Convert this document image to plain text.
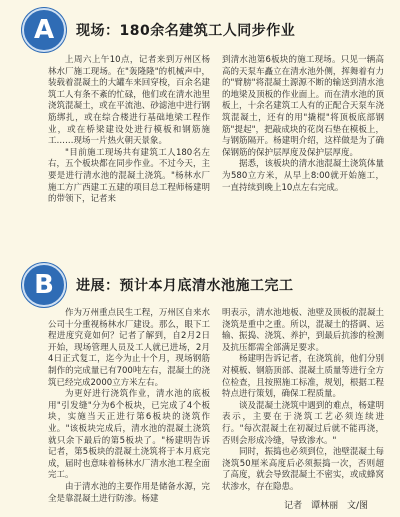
A	现场：180余名建筑工人同步作业

上周六上午10点，记者来到万州区杨林水厂施工现场。在"轰隆隆"的机械声中，装载着混凝土的大罐车来回穿梭，百余名建筑工人有条不紊的忙碌，他们或在清水池里浇筑混凝土，或在平流池、砂滤池中进行钢筋绑扎，或在综合楼进行基础地梁工程作业，或在桥梁建设处进行模板和钢筋施工……现场一片热火朝天景象。

"目前施工现场共有建筑工人180名左右，五个板块都在同步作业。不过今天，主要是进行清水池的混凝土浇筑。"杨林水厂施工方广西建工五建的项目总工程师杨建明的带领下，记者来

到清水池第6板块的施工现场。只见一辆高高的天泵车矗立在清水池外侧，挥舞着有力的"臂膀"将混凝土源源不断的输送到清水池的地梁及顶板的作业面上。而在清水池的顶板上，十余名建筑工人有的正配合天泵车浇筑混凝土，还有的用"撬棍"将顶板底部钢筋"提起"，把敲成块的花岗石垫在模板上，与钢筋隔开。杨建明介绍，这样做是为了确保钢筋的保护层厚度及保护层厚度。

据悉，该板块的清水池混凝土浇筑体量为580立方米，从早上8:00就开始施工，一直持续到晚上10点左右完成。

B	进展：预计本月底清水池施工完工

作为万州重点民生工程，万州区自来水公司十分重视杨林水厂建设。那么，眼下工程进度究竟如何？记者了解到，自2月2日开始，现场管理人员及工人就已进场，2月4日正式复工，迄今为止十个月，现场钢筋制作的完成量已有700吨左右，混凝土的浇筑已经完成2000立方米左右。

为更好进行浇筑作业，清水池的底板用"引发缝"分为6个板块，已完成了4个板块，实施当天正进行第6板块的浇筑作业。"该板块完成后，清水池的混凝土浇筑就只余下最后的第5板块了。"杨建明告诉记者，第5板块的混凝土浇筑将于本月底完成，届时也意味着杨林水厂清水池工程全面完工。

由于清水池的主要作用是储备水源，完全是靠混凝土进行防渗。杨建

明表示，清水池地板、池壁及顶板的混凝土浇筑是重中之重。所以，混凝土的搭调、运输、振捣、浇筑、养护，到最后抗渗的检测及抗压都需全部满足要求。

杨建明告诉记者，在浇筑前，他们分别对模板、钢筋顶部、混凝土质量等进行全方位检查，且按照施工标准，规划，根据工程特点进行策划，确保工程质量。

谈及混凝土浇筑中遇到的难点，杨建明表示，主要在于浇筑工艺必须连续进行。"每次混凝土在初凝过后就不能再浇，否则会形成冷缝，导致渗水。"

同时，振捣也必须到位，池壁混凝土每浇筑50厘米高度后必须振捣一次，否则超了高度，就会导致混凝土不密实，或成蜂窝状渗水，存在隐患。

记者 谭林丽 文/图
